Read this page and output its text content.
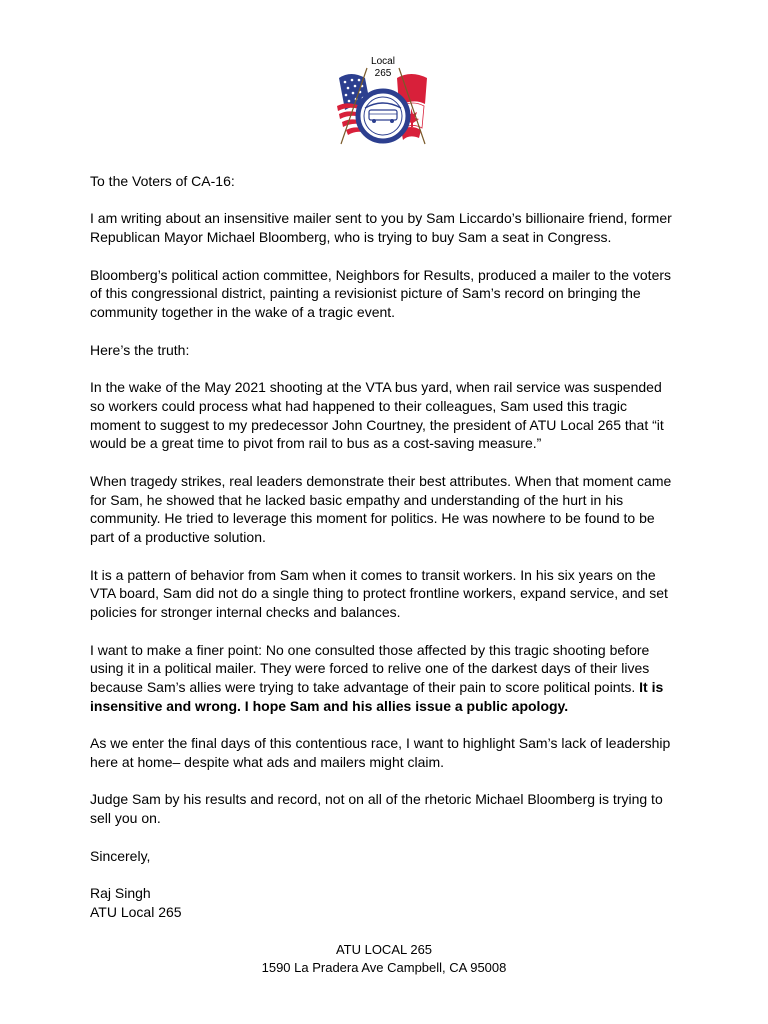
Local
265

To the Voters of CA-16:

I am writing about an insensitive mailer sent to you by Sam Liccardo’s billionaire friend, former Republican Mayor Michael Bloomberg, who is trying to buy Sam a seat in Congress.

Bloomberg’s political action committee, Neighbors for Results, produced a mailer to the voters of this congressional district, painting a revisionist picture of Sam’s record on bringing the community together in the wake of a tragic event.

Here’s the truth:

In the wake of the May 2021 shooting at the VTA bus yard, when rail service was suspended so workers could process what had happened to their colleagues, Sam used this tragic moment to suggest to my predecessor John Courtney, the president of ATU Local 265 that “it would be a great time to pivot from rail to bus as a cost-saving measure.”

When tragedy strikes, real leaders demonstrate their best attributes. When that moment came for Sam, he showed that he lacked basic empathy and understanding of the hurt in his community. He tried to leverage this moment for politics. He was nowhere to be found to be part of a productive solution.

It is a pattern of behavior from Sam when it comes to transit workers. In his six years on the VTA board, Sam did not do a single thing to protect frontline workers, expand service, and set policies for stronger internal checks and balances.

I want to make a finer point: No one consulted those affected by this tragic shooting before using it in a political mailer. They were forced to relive one of the darkest days of their lives because Sam’s allies were trying to take advantage of their pain to score political points. It is insensitive and wrong. I hope Sam and his allies issue a public apology.

As we enter the final days of this contentious race, I want to highlight Sam’s lack of leadership here at home– despite what ads and mailers might claim.

Judge Sam by his results and record, not on all of the rhetoric Michael Bloomberg is trying to sell you on.

Sincerely,

Raj Singh

ATU Local 265

ATU LOCAL 265
1590 La Pradera Ave Campbell, CA 95008
